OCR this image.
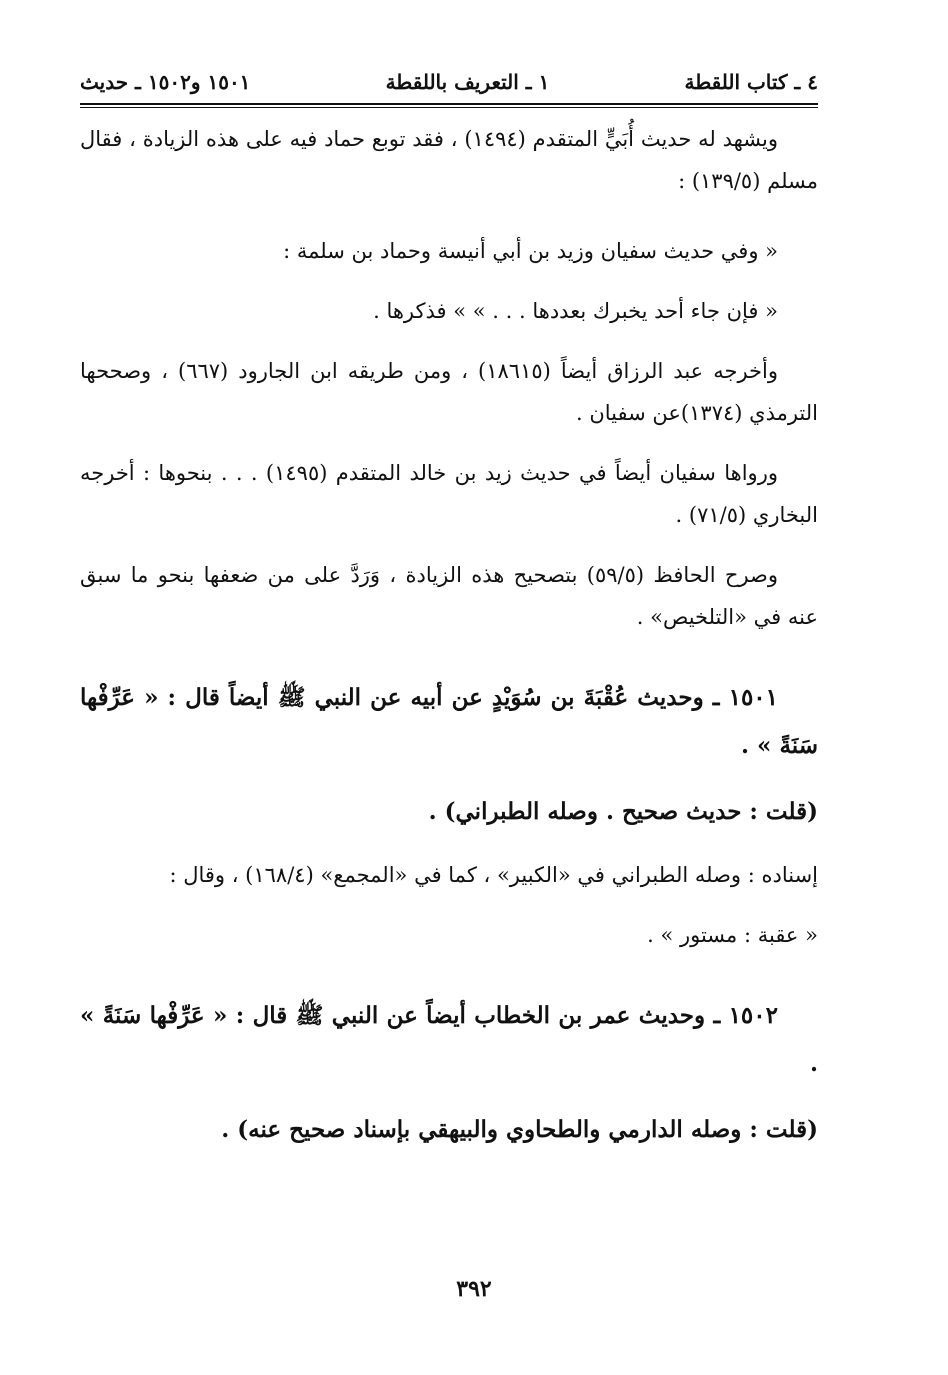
٤ ـ كتاب اللقطة
١ ـ التعريف باللقطة
١٥٠١ و١٥٠٢ ـ حديث

ويشهد له حديث أُبَيٍّ المتقدم (١٤٩٤) ، فقد توبع حماد فيه على هذه الزيادة ، فقال مسلم (١٣٩/٥) :

« وفي حديث سفيان وزيد بن أبي أنيسة وحماد بن سلمة :

« فإن جاء أحد يخبرك بعددها . . . » » فذكرها .

وأخرجه عبد الرزاق أيضاً (١٨٦١٥) ، ومن طريقه ابن الجارود (٦٦٧) ، وصححها الترمذي (١٣٧٤)عن سفيان .

ورواها سفيان أيضاً في حديث زيد بن خالد المتقدم (١٤٩٥) . . . بنحوها : أخرجه البخاري (٧١/٥) .

وصرح الحافظ (٥٩/٥) بتصحيح هذه الزيادة ، وَرَدَّ على من ضعفها بنحو ما سبق عنه في «التلخيص» .

١٥٠١ ـ وحديث عُقْبَةَ بن سُوَيْدٍ عن أبيه عن النبي ﷺ أيضاً قال : « عَرِّفْها سَنَةً » .

(قلت : حديث صحيح . وصله الطبراني) .

إسناده : وصله الطبراني في «الكبير» ، كما في «المجمع» (١٦٨/٤) ، وقال :

« عقبة : مستور » .

١٥٠٢ ـ وحديث عمر بن الخطاب أيضاً عن النبي ﷺ قال : « عَرِّفْها سَنَةً » .

(قلت : وصله الدارمي والطحاوي والبيهقي بإسناد صحيح عنه) .

٣٩٢
